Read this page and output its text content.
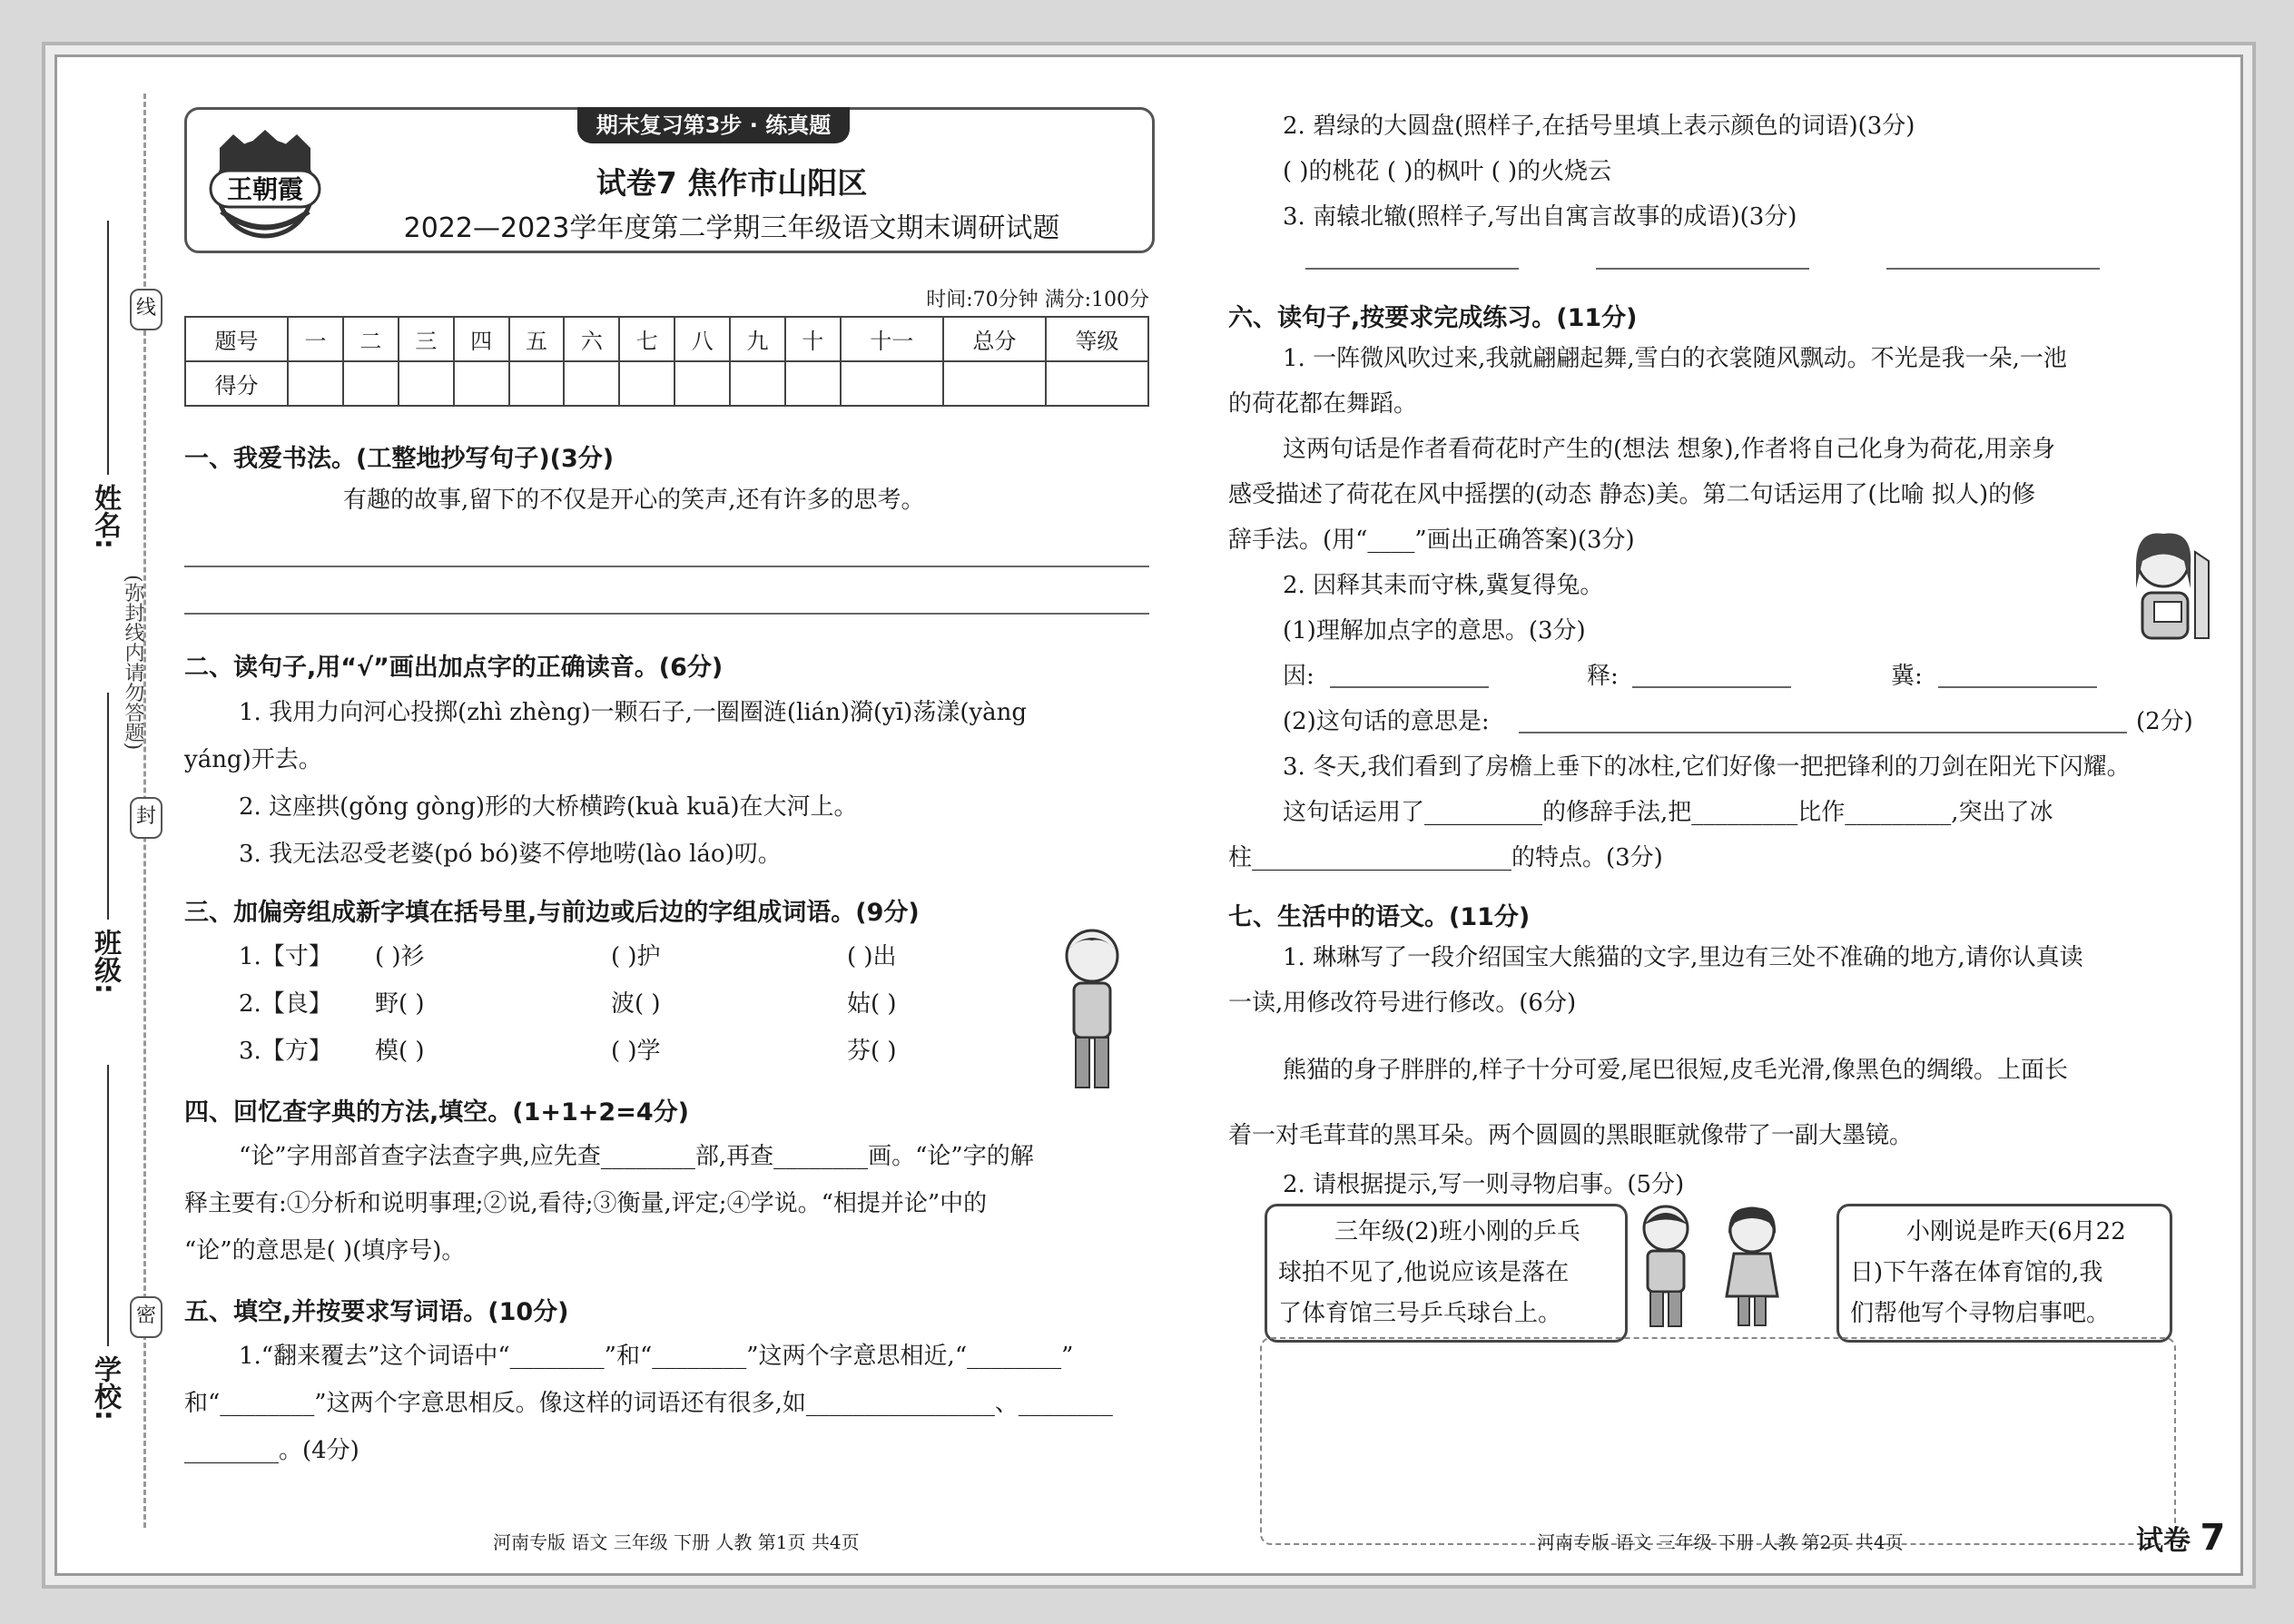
姓名:
班级:
学校:
线
封
密
(弥封线内请勿答题)
期末复习第3步 · 练真题
王朝霞	试卷7 焦作市山阳区
2022—2023学年度第二学期三年级语文期末调研试题
时间:70分钟 满分:100分
题号	一	二	三	四	五	六	七	八	九	十	十一	总分	等级
得分													
一、我爱书法。(工整地抄写句子)(3分)
有趣的故事,留下的不仅是开心的笑声,还有许多的思考。
二、读句子,用“√”画出加点字的正确读音。(6分)
1. 我用力向河心投掷(zhì zhèng)一颗石子,一圈圈涟(lián)漪(yī)荡漾(yàng
yáng)开去。
2. 这座拱(gǒng gòng)形的大桥横跨(kuà kuā)在大河上。
3. 我无法忍受老婆(pó bó)婆不停地唠(lào láo)叨。
三、加偏旁组成新字填在括号里,与前边或后边的字组成词语。(9分)
1.【寸】 ( )衫	( )护	( )出
2.【良】 野( )	波( )	姑( )
3.【方】 模( )	( )学	芬( )
四、回忆查字典的方法,填空。(1+1+2=4分)
“论”字用部首查字法查字典,应先查________部,再查________画。“论”字的解
释主要有:①分析和说明事理;②说,看待;③衡量,评定;④学说。“相提并论”中的
“论”的意思是( )(填序号)。
五、填空,并按要求写词语。(10分)
1.“翻来覆去”这个词语中“________”和“________”这两个字意思相近,“________”
和“________”这两个字意思相反。像这样的词语还有很多,如________________、________
________。(4分)
河南专版 语文 三年级 下册 人教 第1页 共4页
2. 碧绿的大圆盘(照样子,在括号里填上表示颜色的词语)(3分)
( )的桃花 ( )的枫叶 ( )的火烧云
3. 南辕北辙(照样子,写出自寓言故事的成语)(3分)
六、读句子,按要求完成练习。(11分)
1. 一阵微风吹过来,我就翩翩起舞,雪白的衣裳随风飘动。不光是我一朵,一池
的荷花都在舞蹈。
这两句话是作者看荷花时产生的(想法 想象),作者将自己化身为荷花,用亲身
感受描述了荷花在风中摇摆的(动态 静态)美。第二句话运用了(比喻 拟人)的修
辞手法。(用“____”画出正确答案)(3分)
2. 因释其耒而守株,冀复得兔。
(1)理解加点字的意思。(3分)
因:	释:	冀:
(2)这句话的意思是:	(2分)
3. 冬天,我们看到了房檐上垂下的冰柱,它们好像一把把锋利的刀剑在阳光下闪耀。
这句话运用了__________的修辞手法,把_________比作_________,突出了冰
柱______________________的特点。(3分)
七、生活中的语文。(11分)
1. 琳琳写了一段介绍国宝大熊猫的文字,里边有三处不准确的地方,请你认真读
一读,用修改符号进行修改。(6分)
熊猫的身子胖胖的,样子十分可爱,尾巴很短,皮毛光滑,像黑色的绸缎。上面长
着一对毛茸茸的黑耳朵。两个圆圆的黑眼眶就像带了一副大墨镜。
2. 请根据提示,写一则寻物启事。(5分)
三年级(2)班小刚的乒乓
球拍不见了,他说应该是落在
了体育馆三号乒乓球台上。
小刚说是昨天(6月22
日)下午落在体育馆的,我
们帮他写个寻物启事吧。
河南专版 语文 三年级 下册 人教 第2页 共4页	试卷 7
